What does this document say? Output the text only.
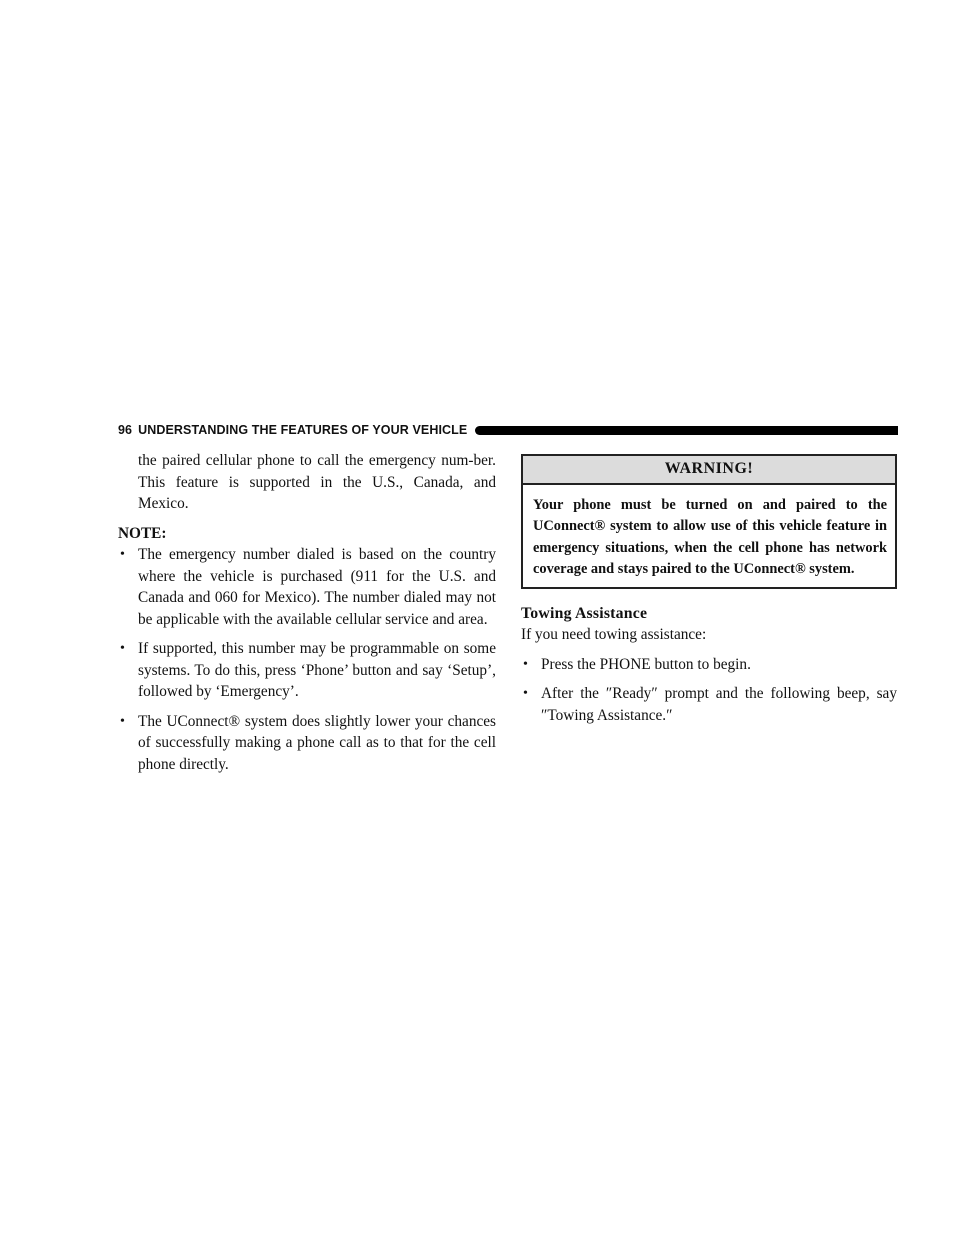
96 UNDERSTANDING THE FEATURES OF YOUR VEHICLE
the paired cellular phone to call the emergency num-ber. This feature is supported in the U.S., Canada, and Mexico.
NOTE:
• The emergency number dialed is based on the country where the vehicle is purchased (911 for the U.S. and Canada and 060 for Mexico). The number dialed may not be applicable with the available cellular service and area.
• If supported, this number may be programmable on some systems. To do this, press ‘Phone’ button and say ‘Setup’, followed by ‘Emergency’.
• The UConnect® system does slightly lower your chances of successfully making a phone call as to that for the cell phone directly.
WARNING!
Your phone must be turned on and paired to the UConnect® system to allow use of this vehicle feature in emergency situations, when the cell phone has network coverage and stays paired to the UConnect® system.
Towing Assistance
If you need towing assistance:
• Press the PHONE button to begin.
• After the ″Ready″ prompt and the following beep, say ″Towing Assistance.″
